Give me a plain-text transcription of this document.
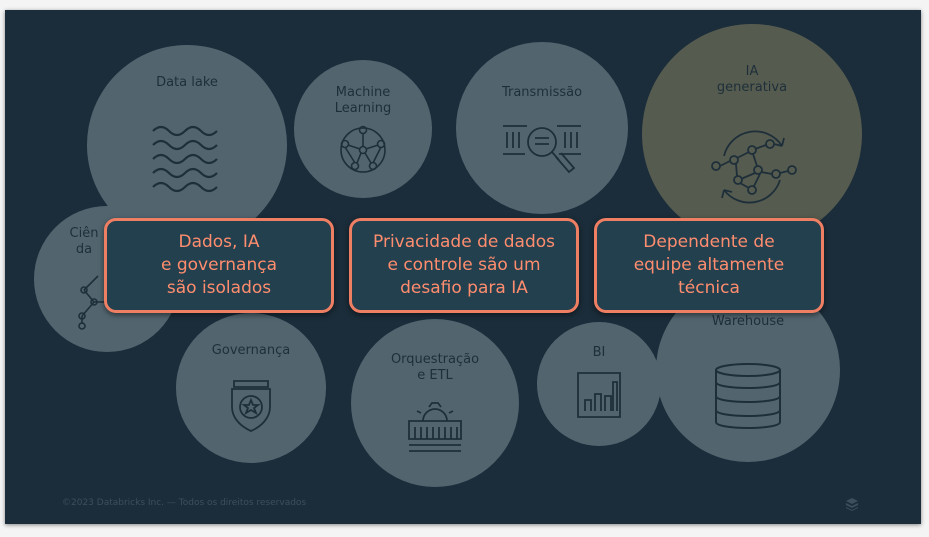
Data lake
Machine
Learning
Transmissão
IA
generativa
Ciên
da
Governança
Orquestração
e ETL
BI
Warehouse
Dados, IA
e governança
são isolados
Privacidade de dados
e controle são um
desafio para IA
Dependente de
equipe altamente
técnica
©2023 Databricks Inc. — Todos os direitos reservados
